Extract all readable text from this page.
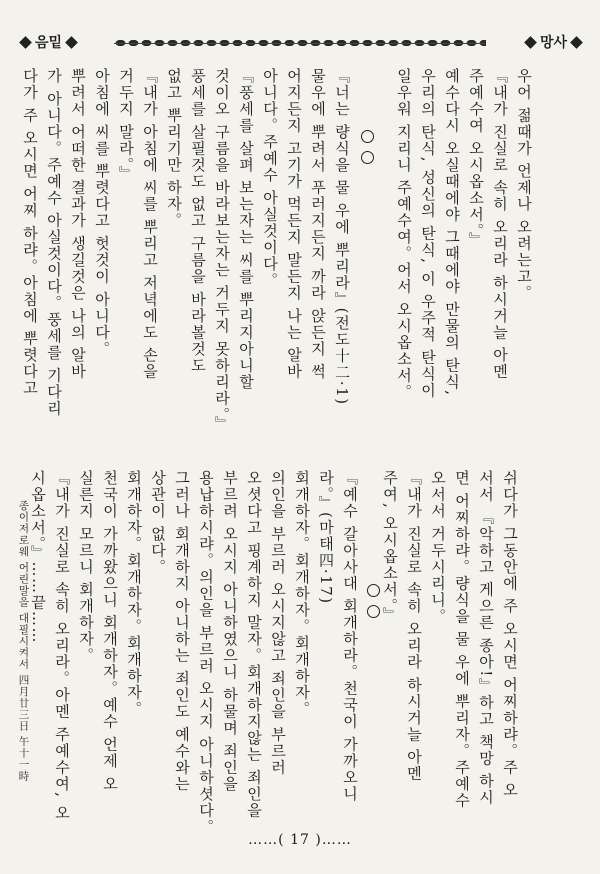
음밑	망사
우어 젊때가 언제나 오려는고。
『내가 진실로 속히 오리라 하시거늘 아멘
주예수여 오시옵소서。』
예수다시 오실때에야 그때에야 만물의 탄식,
우리의 탄식, 성신의 탄식, 이 우주적 탄식이
일우워 지리니 주예수여。어서 오시옵소서。
『너는 량식을 물 우에 뿌리라』(전도十二·1)
물우에 뿌려서 푸러지든지 까라 앉든지 썩
어지든지 고기가 먹든지 말든지 나는 알바
아니다。주예수 아실것이다。
『풍세를 살펴 보는자는 씨를 뿌리지아니할
것이오 구름을 바라보는자는 거두지 못하리라。』
풍세를 살필것도 없고 구름을 바라볼것도
없고 뿌리기만 하자。
『내가 아침에 씨를 뿌리고 저녁에도 손을
거두지 말라。』
아침에 씨를 뿌렷다고 헛것이 아니다。
뿌려서 어떠한 결과가 생길것은 나의 알바
가 아니다。주예수 아실것이다。풍세를 기다리
다가 주 오시면 어찌 하랴。아침에 뿌렷다고
쉬다가 그동안에 주 오시면 어찌하랴。주 오
서서 『악하고 게으른 종아!』하고 책망 하시
면 어찌하랴。량식을 물 우에 뿌리자。주예수
오서서 거두시리니。
『내가 진실로 속히 오리라 하시거늘 아멘
주여, 오시옵소서。』
『예수 갈아사대 회개하라。천국이 가까오니
라。』(마태四·17)
회개하자。회개하자。회개하자。
의인을 부르러 오시지않고 죄인을 부르러
오셧다고 핑계하지 말자。회개하지않는 죄인을
부르려 오시지 아니하였으니 하물며 죄인을
용납하시랴。의인을 부르러 오시지 아니하셧다。
그러나 회개하지 아니하는 죄인도 예수와는
상관이 없다。
회개하자。회개하자。회개하자。
천국이 가까왔으니 회개하자。예수 언제 오
실른지 모르니 회개하자。
『내가 진실로 속히 오리라。아멘 주예수여, 오
시옵소서。』……끝……
종이저로웨 어린말을 대필시켜서 四月廿三日 午十一時
……( 17 )……
